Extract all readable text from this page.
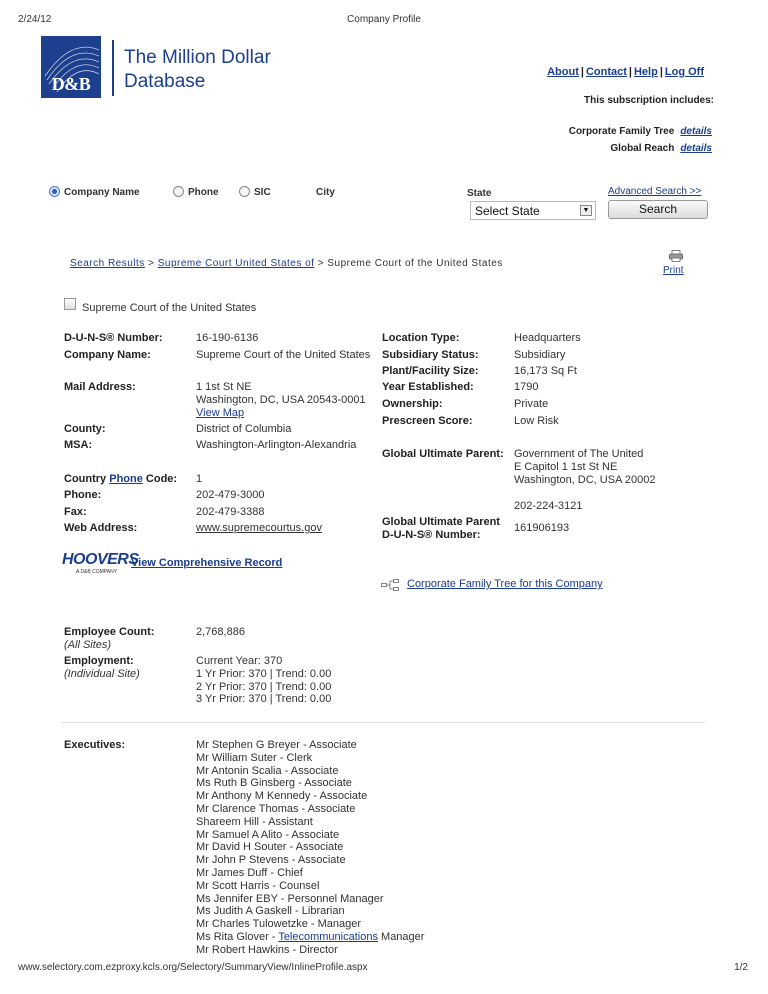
2/24/12	Company Profile
D&B
The Million Dollar
Database	About | Contact | Help | Log Off
This subscription includes:
Corporate Family Tree details
Global Reach details
Company Name	Phone	SIC	City	State	Advanced Search >>
Select State	▼	Search
Search Results > Supreme Court United States of > Supreme Court of the United States
Print
Supreme Court of the United States
D-U-N-S® Number:	16-190-6136
Company Name:	Supreme Court of the United States
Mail Address:	1 1st St NE
Washington, DC, USA 20543-0001
View Map
County:	District of Columbia
MSA:	Washington-Arlington-Alexandria
Country Phone Code: 1
Phone:	202-479-3000
Fax:	202-479-3388
Web Address:	www.supremecourtus.gov
Location Type:	Headquarters
Subsidiary Status:	Subsidiary
Plant/Facility Size:	16,173 Sq Ft
Year Established:	1790
Ownership:	Private
Prescreen Score:	Low Risk
Global Ultimate Parent: Government of The United
E Capitol 1 1st St NE
Washington, DC, USA 20002
202-224-3121
Global Ultimate Parent
D-U-N-S® Number:
161906193
HOOVERS
A D&B COMPANY
View Comprehensive Record
Corporate Family Tree for this Company
Employee Count:
(All Sites)
2,768,886
Employment:
(Individual Site)
Current Year: 370
1 Yr Prior: 370 | Trend: 0.00
2 Yr Prior: 370 | Trend: 0.00
3 Yr Prior: 370 | Trend: 0.00
Executives:	Mr Stephen G Breyer - Associate
Mr William Suter - Clerk
Mr Antonin Scalia - Associate
Ms Ruth B Ginsberg - Associate
Mr Anthony M Kennedy - Associate
Mr Clarence Thomas - Associate
Shareem Hill - Assistant
Mr Samuel A Alito - Associate
Mr David H Souter - Associate
Mr John P Stevens - Associate
Mr James Duff - Chief
Mr Scott Harris - Counsel
Ms Jennifer EBY - Personnel Manager
Ms Judith A Gaskell - Librarian
Mr Charles Tulowetzke - Manager
Ms Rita Glover - Telecommunications Manager
Mr Robert Hawkins - Director
www.selectory.com.ezproxy.kcls.org/Selectory/SummaryView/InlineProfile.aspx	1/2
